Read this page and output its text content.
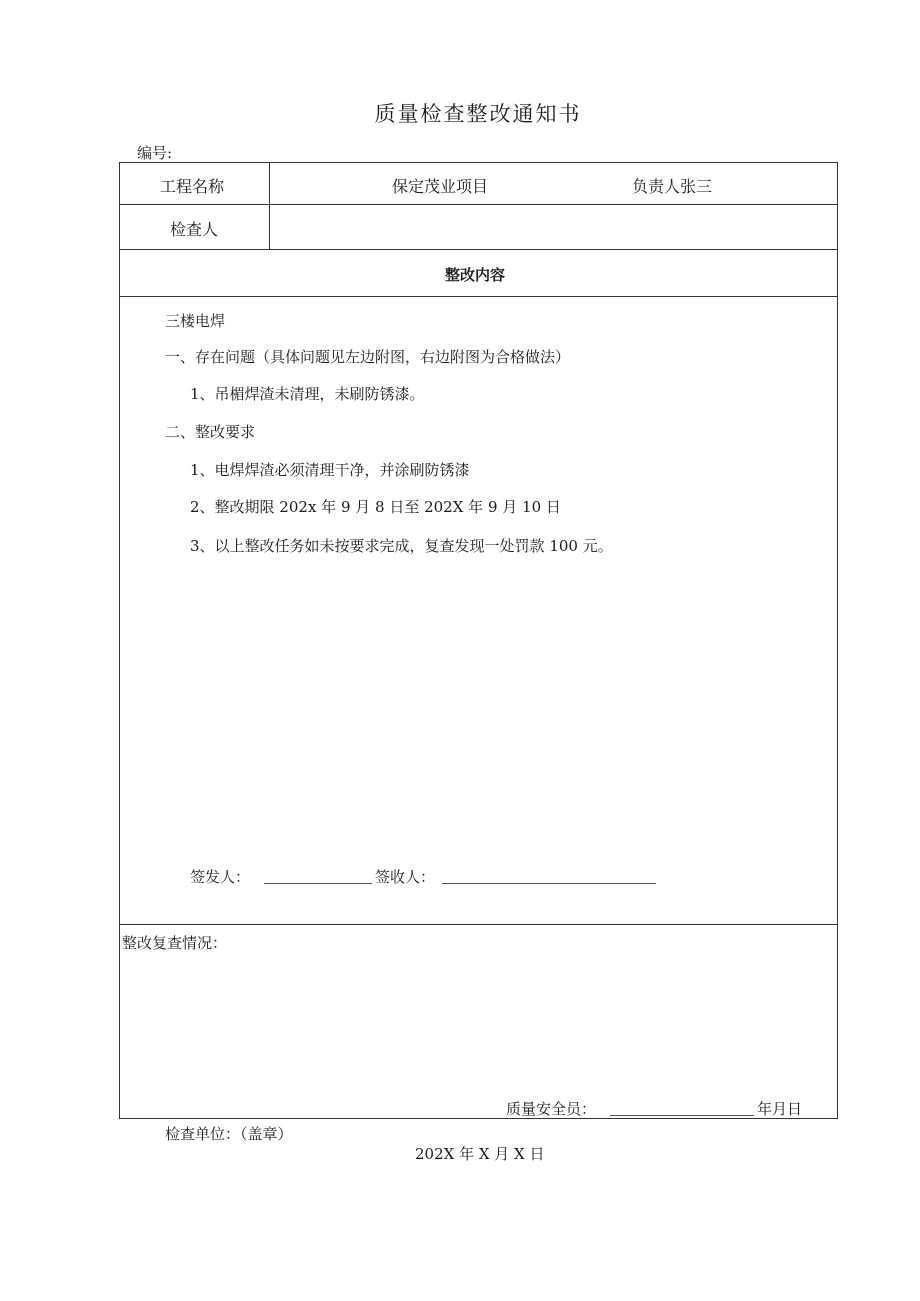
质量检查整改通知书
编号:
工程名称	保定茂业项目	负责人张三
检查人
整改内容
三楼电焊
一、存在问题（具体问题见左边附图，右边附图为合格做法）
1、吊楣焊渣未清理，未刷防锈漆。
二、整改要求
1、电焊焊渣必须清理干净，并涂刷防锈漆
2、整改期限 202x 年 9 月 8 日至 202X 年 9 月 10 日
3、以上整改任务如未按要求完成，复查发现一处罚款 100 元。
签发人：	签收人：
整改复查情况：
质量安全员：	年月日
检查单位：（盖章）
202X 年 X 月 X 日
